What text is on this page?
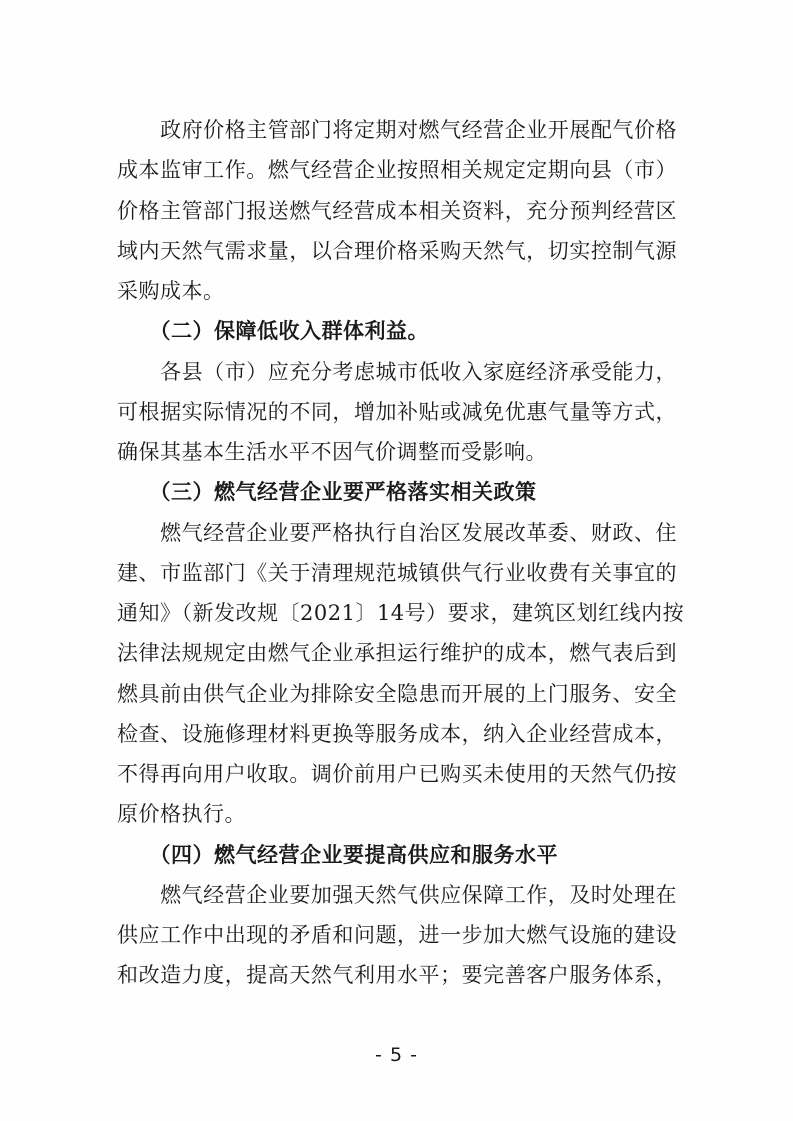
　　政府价格主管部门将定期对燃气经营企业开展配气价格
成本监审工作。燃气经营企业按照相关规定定期向县（市）
价格主管部门报送燃气经营成本相关资料，充分预判经营区
域内天然气需求量，以合理价格采购天然气，切实控制气源
采购成本。
　　（二）保障低收入群体利益。
　　各县（市）应充分考虑城市低收入家庭经济承受能力，
可根据实际情况的不同，增加补贴或减免优惠气量等方式，
确保其基本生活水平不因气价调整而受影响。
　　（三）燃气经营企业要严格落实相关政策
　　燃气经营企业要严格执行自治区发展改革委、财政、住
建、市监部门《关于清理规范城镇供气行业收费有关事宜的
通知》（新发改规〔2021〕14号）要求，建筑区划红线内按
法律法规规定由燃气企业承担运行维护的成本，燃气表后到
燃具前由供气企业为排除安全隐患而开展的上门服务、安全
检查、设施修理材料更换等服务成本，纳入企业经营成本，
不得再向用户收取。调价前用户已购买未使用的天然气仍按
原价格执行。
　　（四）燃气经营企业要提高供应和服务水平
　　燃气经营企业要加强天然气供应保障工作，及时处理在
供应工作中出现的矛盾和问题，进一步加大燃气设施的建设
和改造力度，提高天然气利用水平；要完善客户服务体系，
- 5 -
